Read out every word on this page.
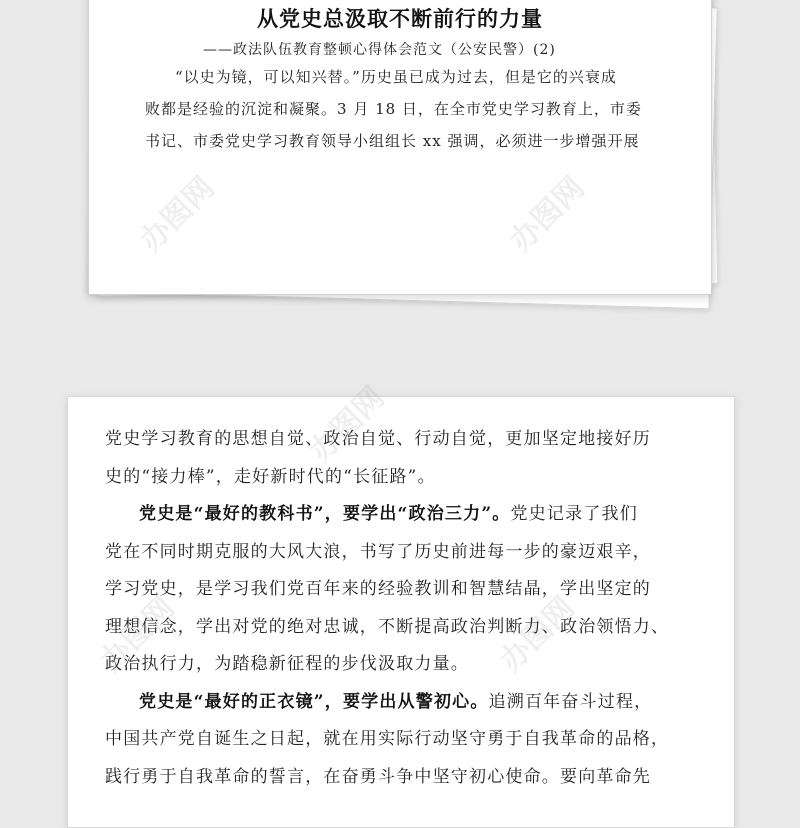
从党史总汲取不断前行的力量
——政法队伍教育整顿心得体会范文（公安民警）(2)

“以史为镜，可以知兴替。”历史虽已成为过去，但是它的兴衰成

败都是经验的沉淀和凝聚。3 月 18 日，在全市党史学习教育上，市委

书记、市委党史学习教育领导小组组长 xx 强调，必须进一步增强开展

党史学习教育的思想自觉、政治自觉、行动自觉，更加坚定地接好历

史的“接力棒”，走好新时代的“长征路”。

党史是“最好的教科书”，要学出“政治三力”。党史记录了我们

党在不同时期克服的大风大浪，书写了历史前进每一步的豪迈艰辛，

学习党史，是学习我们党百年来的经验教训和智慧结晶，学出坚定的

理想信念，学出对党的绝对忠诚，不断提高政治判断力、政治领悟力、

政治执行力，为踏稳新征程的步伐汲取力量。

党史是“最好的正衣镜”，要学出从警初心。追溯百年奋斗过程，

中国共产党自诞生之日起，就在用实际行动坚守勇于自我革命的品格，

践行勇于自我革命的誓言，在奋勇斗争中坚守初心使命。要向革命先
